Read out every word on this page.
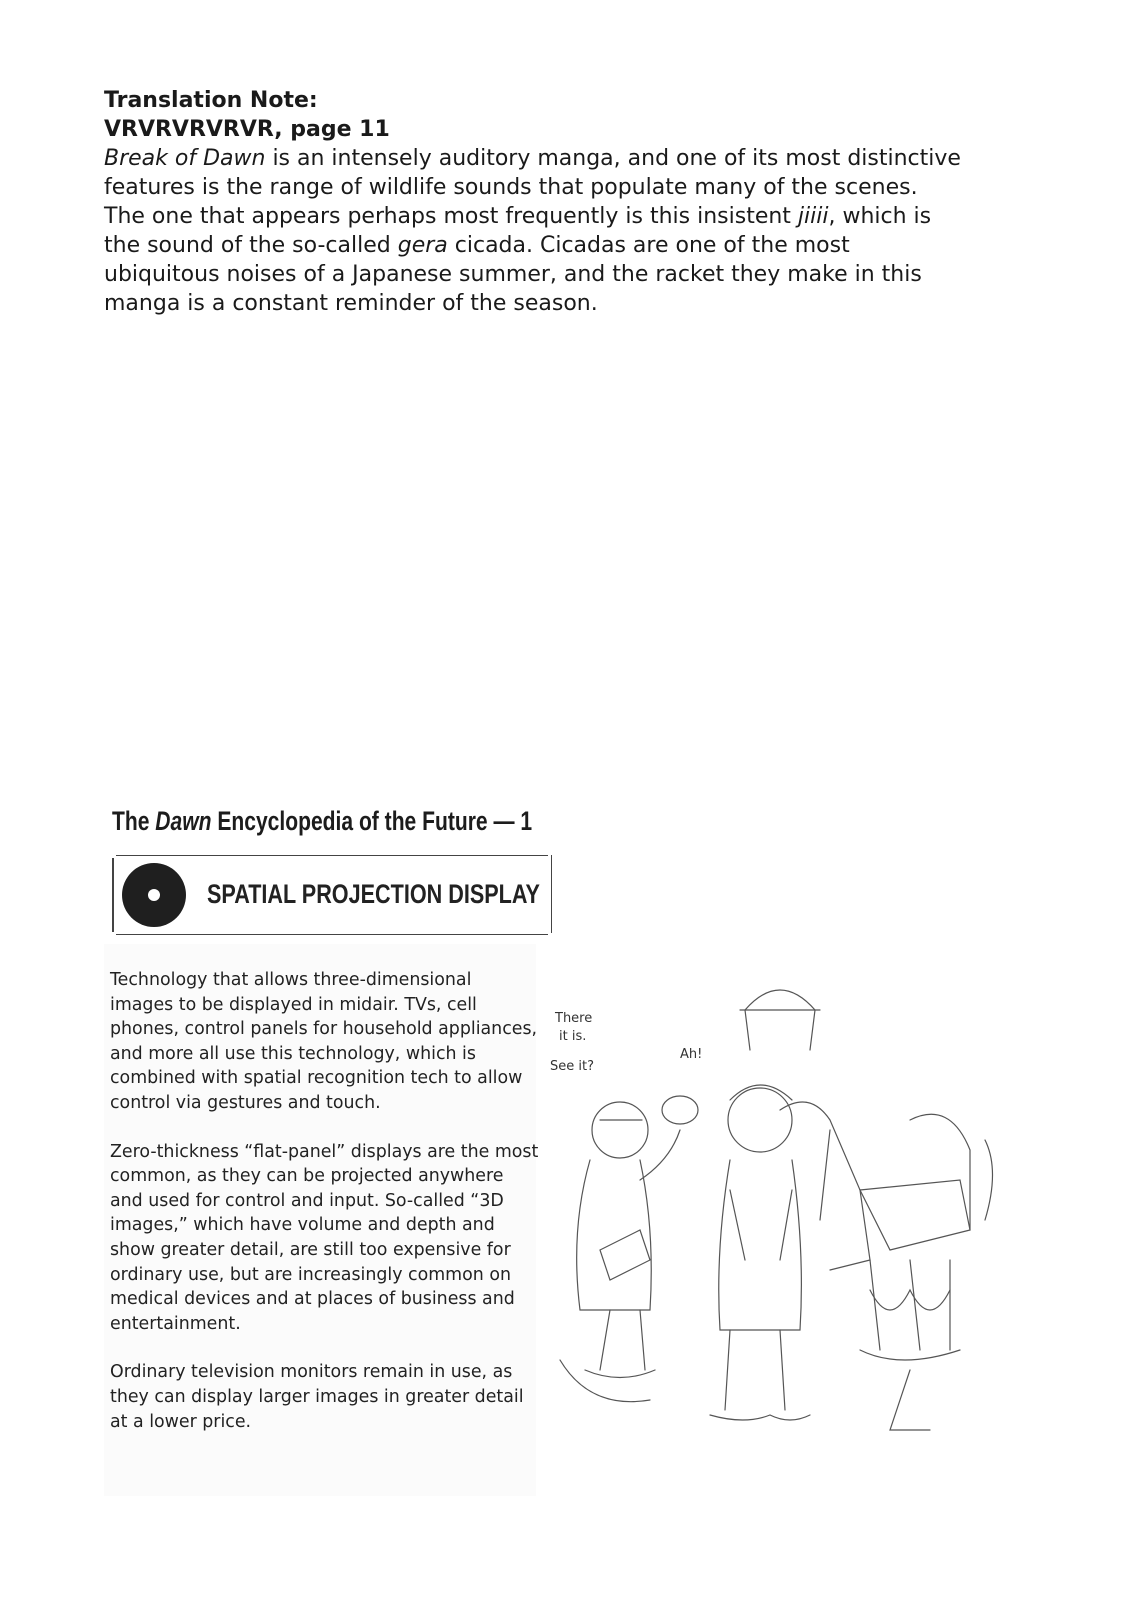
Translation Note:
VRVRVRVRVR, page 11

Break of Dawn is an intensely auditory manga, and one of its most distinctive features is the range of wildlife sounds that populate many of the scenes. The one that appears perhaps most frequently is this insistent jiiii, which is the sound of the so-called gera cicada. Cicadas are one of the most ubiquitous noises of a Japanese summer, and the racket they make in this manga is a constant reminder of the season.

The Dawn Encyclopedia of the Future — 1
SPATIAL PROJECTION DISPLAY

Technology that allows three-dimensional images to be displayed in midair. TVs, cell phones, control panels for household appliances, and more all use this technology, which is combined with spatial recognition tech to allow control via gestures and touch.

Zero-thickness “flat-panel” displays are the most common, as they can be projected anywhere and used for control and input. So-called “3D images,” which have volume and depth and show greater detail, are still too expensive for ordinary use, but are increasingly common on medical devices and at places of business and entertainment.

Ordinary television monitors remain in use, as they can display larger images in greater detail at a lower price.

There
it is.
See it?
Ah!
